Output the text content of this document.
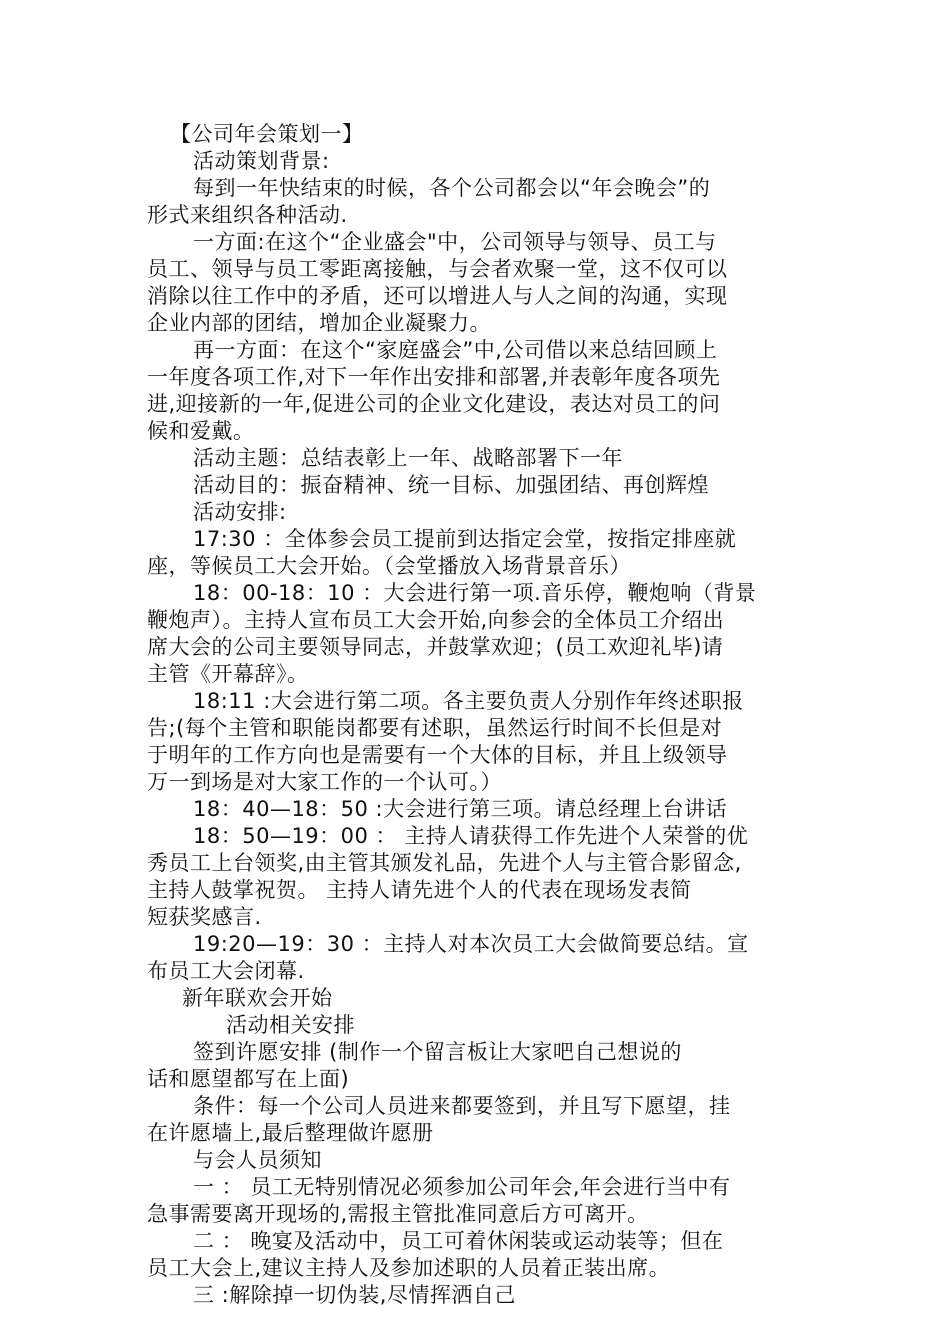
【公司年会策划一】
活动策划背景:
每到一年快结束的时候，各个公司都会以“年会晚会”的
形式来组织各种活动.
一方面:在这个“企业盛会"中，公司领导与领导、员工与
员工、领导与员工零距离接触，与会者欢聚一堂，这不仅可以
消除以往工作中的矛盾，还可以增进人与人之间的沟通，实现
企业内部的团结，增加企业凝聚力。
再一方面：在这个“家庭盛会”中,公司借以来总结回顾上
一年度各项工作,对下一年作出安排和部署,并表彰年度各项先
进,迎接新的一年,促进公司的企业文化建设，表达对员工的问
候和爱戴。
活动主题：总结表彰上一年、战略部署下一年
活动目的：振奋精神、统一目标、加强团结、再创辉煌
活动安排:
17:30 ：全体参会员工提前到达指定会堂，按指定排座就
座，等候员工大会开始。（会堂播放入场背景音乐）
18：00-18：10 ：大会进行第一项.音乐停，鞭炮响（背景
鞭炮声）。主持人宣布员工大会开始,向参会的全体员工介绍出
席大会的公司主要领导同志，并鼓掌欢迎；(员工欢迎礼毕)请
主管《开幕辞》。
18:11 :大会进行第二项。各主要负责人分别作年终述职报
告;(每个主管和职能岗都要有述职，虽然运行时间不长但是对
于明年的工作方向也是需要有一个大体的目标，并且上级领导
万一到场是对大家工作的一个认可。）
18：40—18：50 :大会进行第三项。请总经理上台讲话
18：50—19：00 ： 主持人请获得工作先进个人荣誉的优
秀员工上台领奖,由主管其颁发礼品，先进个人与主管合影留念,
主持人鼓掌祝贺。 主持人请先进个人的代表在现场发表简
短获奖感言.
19:20—19：30 ：主持人对本次员工大会做简要总结。宣
布员工大会闭幕.
新年联欢会开始
活动相关安排
签到许愿安排 (制作一个留言板让大家吧自己想说的
话和愿望都写在上面)
条件：每一个公司人员进来都要签到，并且写下愿望，挂
在许愿墙上,最后整理做许愿册
与会人员须知
一 ： 员工无特别情况必须参加公司年会,年会进行当中有
急事需要离开现场的,需报主管批准同意后方可离开。
二 ： 晚宴及活动中，员工可着休闲装或运动装等；但在
员工大会上,建议主持人及参加述职的人员着正装出席。
三 :解除掉一切伪装,尽情挥洒自己
